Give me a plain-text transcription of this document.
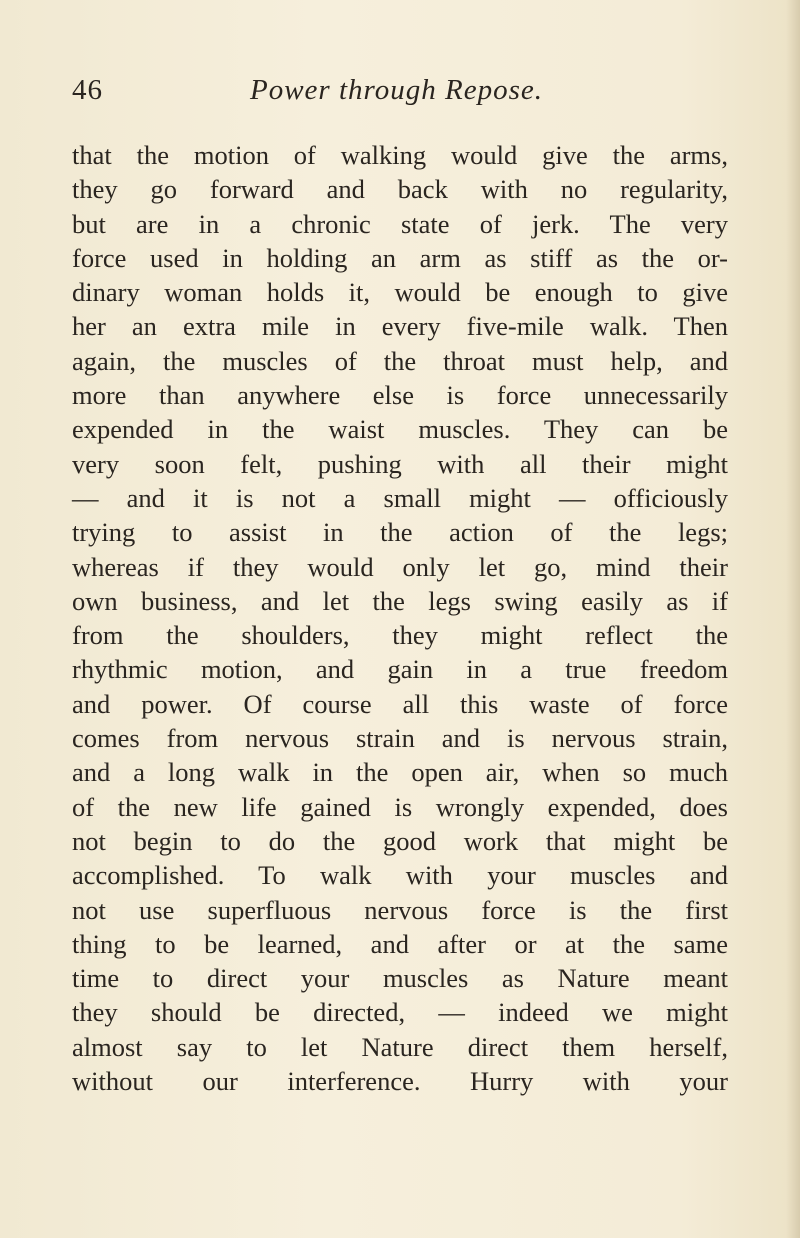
46	Power through Repose.
that the motion of walking would give the arms,
they go forward and back with no regularity,
but are in a chronic state of jerk. The very
force used in holding an arm as stiff as the or-
dinary woman holds it, would be enough to give
her an extra mile in every five-mile walk. Then
again, the muscles of the throat must help, and
more than anywhere else is force unnecessarily
expended in the waist muscles. They can be
very soon felt, pushing with all their might
— and it is not a small might — officiously
trying to assist in the action of the legs;
whereas if they would only let go, mind their
own business, and let the legs swing easily as if
from the shoulders, they might reflect the
rhythmic motion, and gain in a true freedom
and power. Of course all this waste of force
comes from nervous strain and is nervous strain,
and a long walk in the open air, when so much
of the new life gained is wrongly expended, does
not begin to do the good work that might be
accomplished. To walk with your muscles and
not use superfluous nervous force is the first
thing to be learned, and after or at the same
time to direct your muscles as Nature meant
they should be directed, — indeed we might
almost say to let Nature direct them herself,
without our interference. Hurry with your
